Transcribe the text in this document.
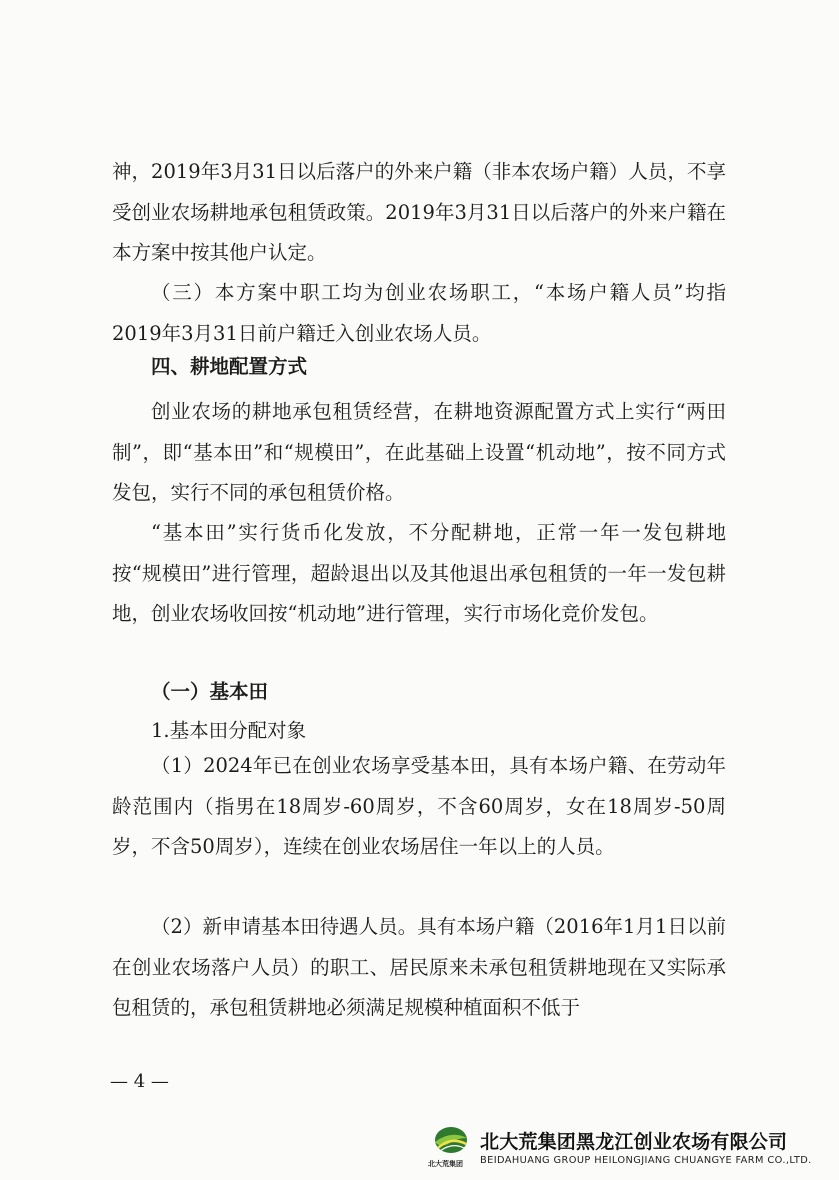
神，2019年3月31日以后落户的外来户籍（非本农场户籍）人员，不享受创业农场耕地承包租赁政策。2019年3月31日以后落户的外来户籍在本方案中按其他户认定。

（三）本方案中职工均为创业农场职工，“本场户籍人员”均指2019年3月31日前户籍迁入创业农场人员。

四、耕地配置方式

创业农场的耕地承包租赁经营，在耕地资源配置方式上实行“两田制”，即“基本田”和“规模田”，在此基础上设置“机动地”，按不同方式发包，实行不同的承包租赁价格。

“基本田”实行货币化发放，不分配耕地，正常一年一发包耕地按“规模田”进行管理，超龄退出以及其他退出承包租赁的一年一发包耕地，创业农场收回按“机动地”进行管理，实行市场化竞价发包。

（一）基本田

1.基本田分配对象

（1）2024年已在创业农场享受基本田，具有本场户籍、在劳动年龄范围内（指男在18周岁-60周岁，不含60周岁，女在18周岁-50周岁，不含50周岁），连续在创业农场居住一年以上的人员。

（2）新申请基本田待遇人员。具有本场户籍（2016年1月1日以前在创业农场落户人员）的职工、居民原来未承包租赁耕地现在又实际承包租赁的，承包租赁耕地必须满足规模种植面积不低于

— 4 —
北大荒集团
北大荒集团黑龙江创业农场有限公司
BEIDAHUANG GROUP HEILONGJIANG CHUANGYE FARM CO.,LTD.
